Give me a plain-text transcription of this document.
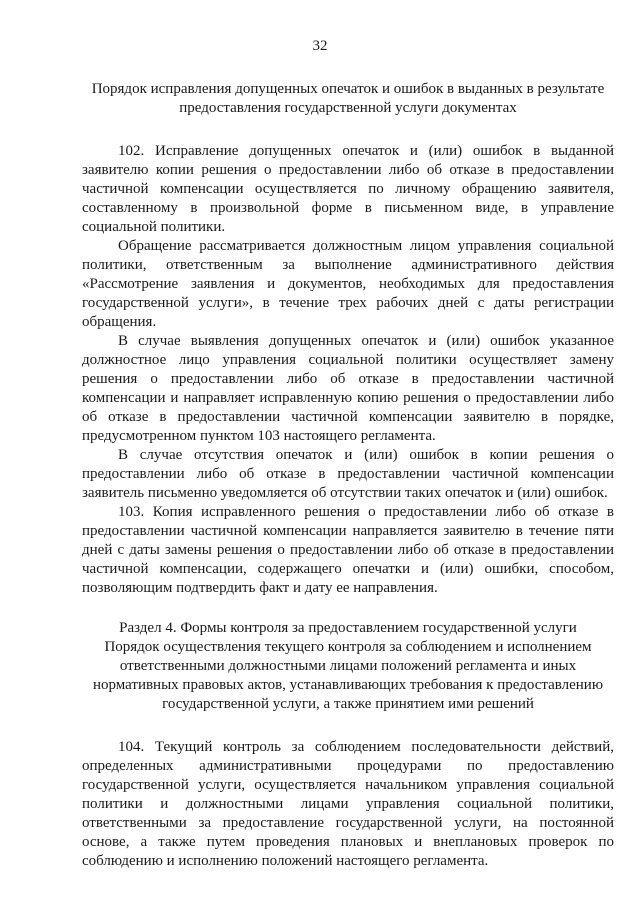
32

Порядок исправления допущенных опечаток и ошибок в выданных в результате предоставления государственной услуги документах

102. Исправление допущенных опечаток и (или) ошибок в выданной заявителю копии решения о предоставлении либо об отказе в предоставлении частичной компенсации осуществляется по личному обращению заявителя, составленному в произвольной форме в письменном виде, в управление социальной политики.

Обращение рассматривается должностным лицом управления социальной политики, ответственным за выполнение административного действия «Рассмотрение заявления и документов, необходимых для предоставления государственной услуги», в течение трех рабочих дней с даты регистрации обращения.

В случае выявления допущенных опечаток и (или) ошибок указанное должностное лицо управления социальной политики осуществляет замену решения о предоставлении либо об отказе в предоставлении частичной компенсации и направляет исправленную копию решения о предоставлении либо об отказе в предоставлении частичной компенсации заявителю в порядке, предусмотренном пунктом 103 настоящего регламента.

В случае отсутствия опечаток и (или) ошибок в копии решения о предоставлении либо об отказе в предоставлении частичной компенсации заявитель письменно уведомляется об отсутствии таких опечаток и (или) ошибок.

103. Копия исправленного решения о предоставлении либо об отказе в предоставлении частичной компенсации направляется заявителю в течение пяти дней с даты замены решения о предоставлении либо об отказе в предоставлении частичной компенсации, содержащего опечатки и (или) ошибки, способом, позволяющим подтвердить факт и дату ее направления.

Раздел 4. Формы контроля за предоставлением государственной услуги
Порядок осуществления текущего контроля за соблюдением и исполнением ответственными должностными лицами положений регламента и иных нормативных правовых актов, устанавливающих требования к предоставлению государственной услуги, а также принятием ими решений

104. Текущий контроль за соблюдением последовательности действий, определенных административными процедурами по предоставлению государственной услуги, осуществляется начальником управления социальной политики и должностными лицами управления социальной политики, ответственными за предоставление государственной услуги, на постоянной основе, а также путем проведения плановых и внеплановых проверок по соблюдению и исполнению положений настоящего регламента.
